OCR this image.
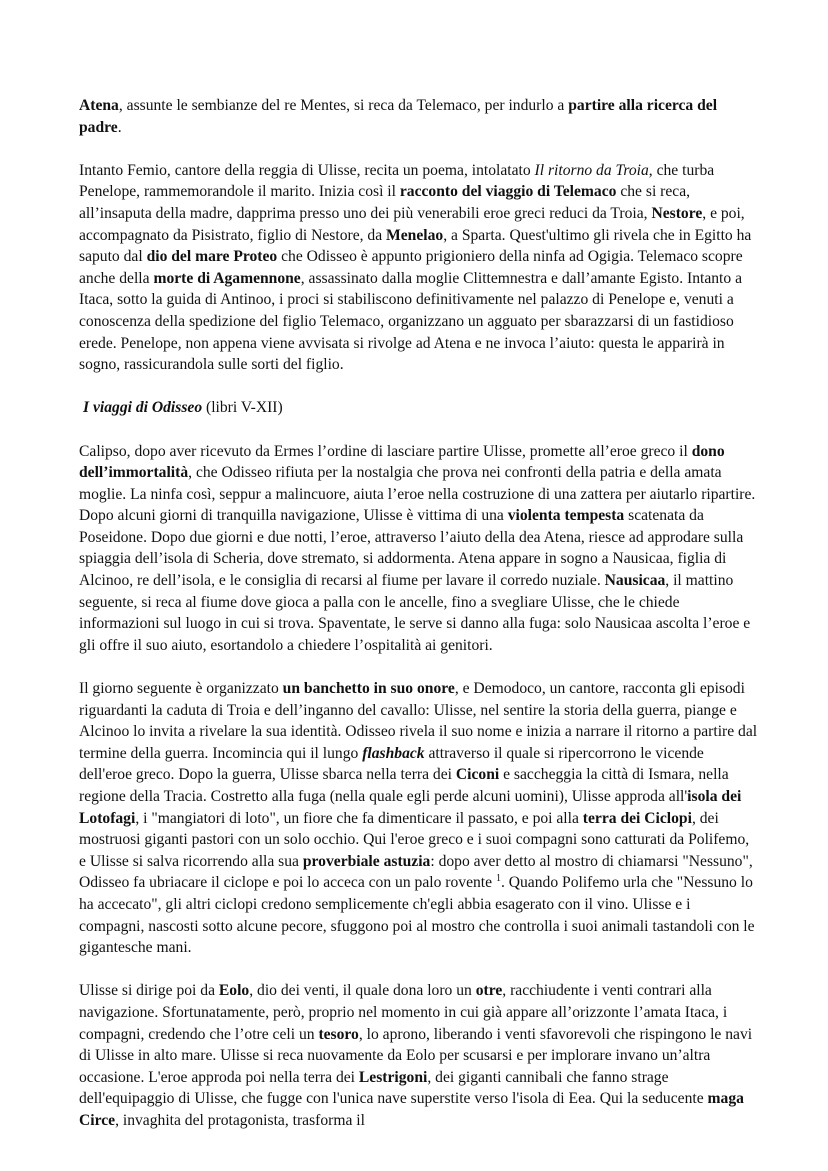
Atena, assunte le sembianze del re Mentes, si reca da Telemaco, per indurlo a partire alla ricerca del padre.

Intanto Femio, cantore della reggia di Ulisse, recita un poema, intolatato Il ritorno da Troia, che turba Penelope, rammemorandole il marito. Inizia così il racconto del viaggio di Telemaco che si reca, all’insaputa della madre, dapprima presso uno dei più venerabili eroe greci reduci da Troia, Nestore, e poi, accompagnato da Pisistrato, figlio di Nestore, da Menelao, a Sparta. Quest'ultimo gli rivela che in Egitto ha saputo dal dio del mare Proteo che Odisseo è appunto prigioniero della ninfa ad Ogigia. Telemaco scopre anche della morte di Agamennone, assassinato dalla moglie Clittemnestra e dall’amante Egisto. Intanto a Itaca, sotto la guida di Antinoo, i proci si stabiliscono definitivamente nel palazzo di Penelope e, venuti a conoscenza della spedizione del figlio Telemaco, organizzano un agguato per sbarazzarsi di un fastidioso erede. Penelope, non appena viene avvisata si rivolge ad Atena e ne invoca l’aiuto: questa le apparirà in sogno, rassicurandola sulle sorti del figlio.

I viaggi di Odisseo (libri V-XII)

Calipso, dopo aver ricevuto da Ermes l’ordine di lasciare partire Ulisse, promette all’eroe greco il dono dell’immortalità, che Odisseo rifiuta per la nostalgia che prova nei confronti della patria e della amata moglie. La ninfa così, seppur a malincuore, aiuta l’eroe nella costruzione di una zattera per aiutarlo ripartire. Dopo alcuni giorni di tranquilla navigazione, Ulisse è vittima di una violenta tempesta scatenata da Poseidone. Dopo due giorni e due notti, l’eroe, attraverso l’aiuto della dea Atena, riesce ad approdare sulla spiaggia dell’isola di Scheria, dove stremato, si addormenta. Atena appare in sogno a Nausicaa, figlia di Alcinoo, re dell’isola, e le consiglia di recarsi al fiume per lavare il corredo nuziale. Nausicaa, il mattino seguente, si reca al fiume dove gioca a palla con le ancelle, fino a svegliare Ulisse, che le chiede informazioni sul luogo in cui si trova. Spaventate, le serve si danno alla fuga: solo Nausicaa ascolta l’eroe e gli offre il suo aiuto, esortandolo a chiedere l’ospitalità ai genitori.

Il giorno seguente è organizzato un banchetto in suo onore, e Demodoco, un cantore, racconta gli episodi riguardanti la caduta di Troia e dell’inganno del cavallo: Ulisse, nel sentire la storia della guerra, piange e Alcinoo lo invita a rivelare la sua identità. Odisseo rivela il suo nome e inizia a narrare il ritorno a partire dal termine della guerra. Incomincia qui il lungo flashback attraverso il quale si ripercorrono le vicende dell'eroe greco. Dopo la guerra, Ulisse sbarca nella terra dei Ciconi e saccheggia la città di Ismara, nella regione della Tracia. Costretto alla fuga (nella quale egli perde alcuni uomini), Ulisse approda all'isola dei Lotofagi, i "mangiatori di loto", un fiore che fa dimenticare il passato, e poi alla terra dei Ciclopi, dei mostruosi giganti pastori con un solo occhio. Qui l'eroe greco e i suoi compagni sono catturati da Polifemo, e Ulisse si salva ricorrendo alla sua proverbiale astuzia: dopo aver detto al mostro di chiamarsi "Nessuno", Odisseo fa ubriacare il ciclope e poi lo acceca con un palo rovente $^1$. Quando Polifemo urla che "Nessuno lo ha accecato", gli altri ciclopi credono semplicemente ch'egli abbia esagerato con il vino. Ulisse e i compagni, nascosti sotto alcune pecore, sfuggono poi al mostro che controlla i suoi animali tastandoli con le gigantesche mani.

Ulisse si dirige poi da Eolo, dio dei venti, il quale dona loro un otre, racchiudente i venti contrari alla navigazione. Sfortunatamente, però, proprio nel momento in cui già appare all’orizzonte l’amata Itaca, i compagni, credendo che l’otre celi un tesoro, lo aprono, liberando i venti sfavorevoli che rispingono le navi di Ulisse in alto mare. Ulisse si reca nuovamente da Eolo per scusarsi e per implorare invano un’altra occasione. L'eroe approda poi nella terra dei Lestrigoni, dei giganti cannibali che fanno strage dell'equipaggio di Ulisse, che fugge con l'unica nave superstite verso l'isola di Eea. Qui la seducente maga Circe, invaghita del protagonista, trasforma il
